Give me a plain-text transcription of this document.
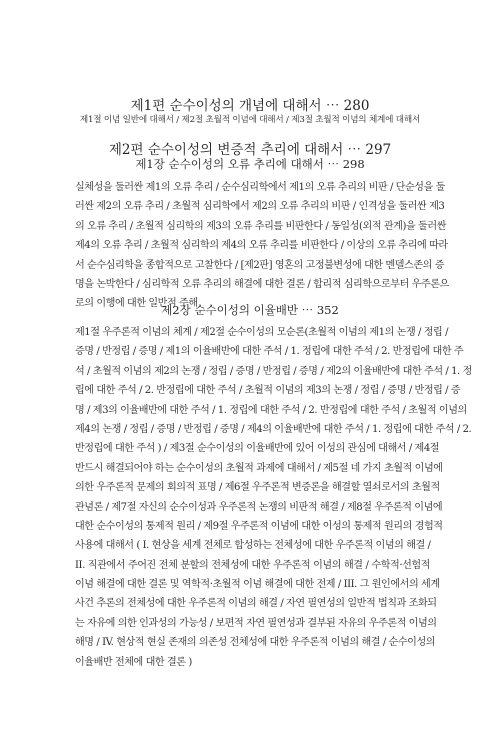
제1편 순수이성의 개념에 대해서 ⋯ 280
제1절 이념 일반에 대해서 / 제2절 초월적 이념에 대해서 / 제3절 초월적 이념의 체계에 대해서
제2편 순수이성의 변증적 추리에 대해서 ⋯ 297
제1장 순수이성의 오류 추리에 대해서 ⋯ 298
실체성을 둘러싼 제1의 오류 추리 / 순수심리학에서 제1의 오류 추리의 비판 / 단순성을 둘
러싼 제2의 오류 추리 / 초월적 심리학에서 제2의 오류 추리의 비판 / 인격성을 둘러싼 제3
의 오류 추리 / 초월적 심리학의 제3의 오류 추리를 비판한다 / 동일성(외적 관계)을 둘러싼
제4의 오류 추리 / 초월적 심리학의 제4의 오류 추리를 비판한다 / 이상의 오류 추리에 따라
서 순수심리학을 종합적으로 고찰한다 / [제2판] 영혼의 고정불변성에 대한 멘델스존의 증
명을 논박한다 / 심리학적 오류 추리의 해결에 대한 결론 / 합리적 심리학으로부터 우주론으
로의 이행에 대한 일반적 주해
제2장 순수이성의 이율배반 ⋯ 352
제1절 우주론적 이념의 체계 / 제2절 순수이성의 모순론(초월적 이념의 제1의 논쟁 / 정립 /
증명 / 반정립 / 증명 / 제1의 이율배반에 대한 주석 / 1. 정립에 대한 주석 / 2. 반정립에 대한 주
석 / 초월적 이념의 제2의 논쟁 / 정립 / 증명 / 반정립 / 증명 / 제2의 이율배반에 대한 주석 / 1. 정
립에 대한 주석 / 2. 반정립에 대한 주석 / 초월적 이념의 제3의 논쟁 / 정립 / 증명 / 반정립 / 증
명 / 제3의 이율배반에 대한 주석 / 1. 정립에 대한 주석 / 2. 반정립에 대한 주석 / 초월적 이념의
제4의 논쟁 / 정립 / 증명 / 반정립 / 증명 / 제4의 이율배반에 대한 주석 / 1. 정립에 대한 주석 / 2.
반정립에 대한 주석 ) / 제3절 순수이성의 이율배반에 있어 이성의 관심에 대해서 / 제4절
반드시 해결되어야 하는 순수이성의 초월적 과제에 대해서 / 제5절 네 가지 초월적 이념에
의한 우주론적 문제의 회의적 표명 / 제6절 우주론적 변증론을 해결할 열쇠로서의 초월적
관념론 / 제7절 자신의 순수이성과 우주론적 논쟁의 비판적 해결 / 제8절 우주론적 이념에
대한 순수이성의 통제적 원리 / 제9절 우주론적 이념에 대한 이성의 통제적 원리의 경험적
사용에 대해서 ( I. 현상을 세계 전체로 합성하는 전체성에 대한 우주론적 이념의 해결 /
II. 직관에서 주어진 전체 분할의 전체성에 대한 우주론적 이념의 해결 / 수학적·선험적
이념 해결에 대한 결론 및 역학적·초월적 이념 해결에 대한 전제 / III. 그 원인에서의 세계
사건 추론의 전체성에 대한 우주론적 이념의 해결 / 자연 필연성의 일반적 법칙과 조화되
는 자유에 의한 인과성의 가능성 / 보편적 자연 필연성과 결부된 자유의 우주론적 이념의
해명 / IV. 현상적 현실 존재의 의존성 전체성에 대한 우주론적 이념의 해결 / 순수이성의
이율배반 전체에 대한 결론 )
